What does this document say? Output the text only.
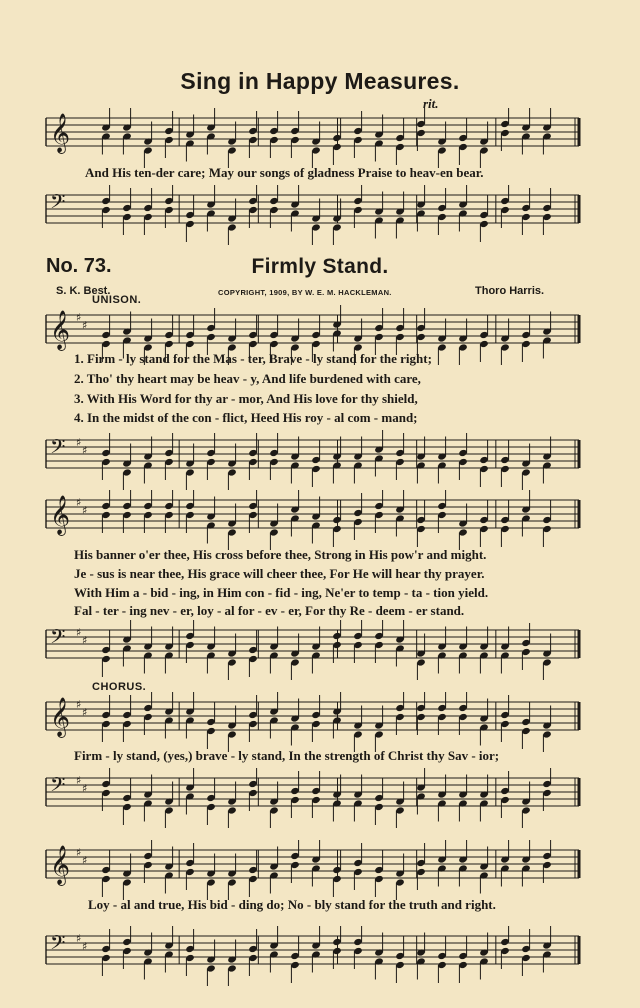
Sing in Happy Measures.
rit.
𝄞
And His ten-der care; May our songs of gladness Praise to heav-en bear.
𝄢
No. 73.	Firmly Stand.
S. K. Best.	COPYRIGHT, 1909, BY W. E. M. HACKLEMAN.	Thoro Harris.
UNISON.
𝄞 ♯
♯
1. Firm - ly stand for the Mas - ter, Brave - ly stand for the right;
2. Tho' thy heart may be heav - y, And life burdened with care,
3. With His Word for thy ar - mor, And His love for thy shield,
4. In the midst of the con - flict, Heed His roy - al com - mand;
𝄢 ♯
♯
𝄞 ♯
♯
His banner o'er thee, His cross before thee, Strong in His pow'r and might.
Je - sus is near thee, His grace will cheer thee, For He will hear thy prayer.
With Him a - bid - ing, in Him con - fid - ing, Ne'er to temp - ta - tion yield.
Fal - ter - ing nev - er, loy - al for - ev - er, For thy Re - deem - er stand.
𝄢 ♯
♯
CHORUS.
𝄞 ♯
♯
Firm - ly stand, (yes,) brave - ly stand, In the strength of Christ thy Sav - ior;
𝄢 ♯
♯
𝄞 ♯
♯
Loy - al and true, His bid - ding do; No - bly stand for the truth and right.
𝄢 ♯
♯
